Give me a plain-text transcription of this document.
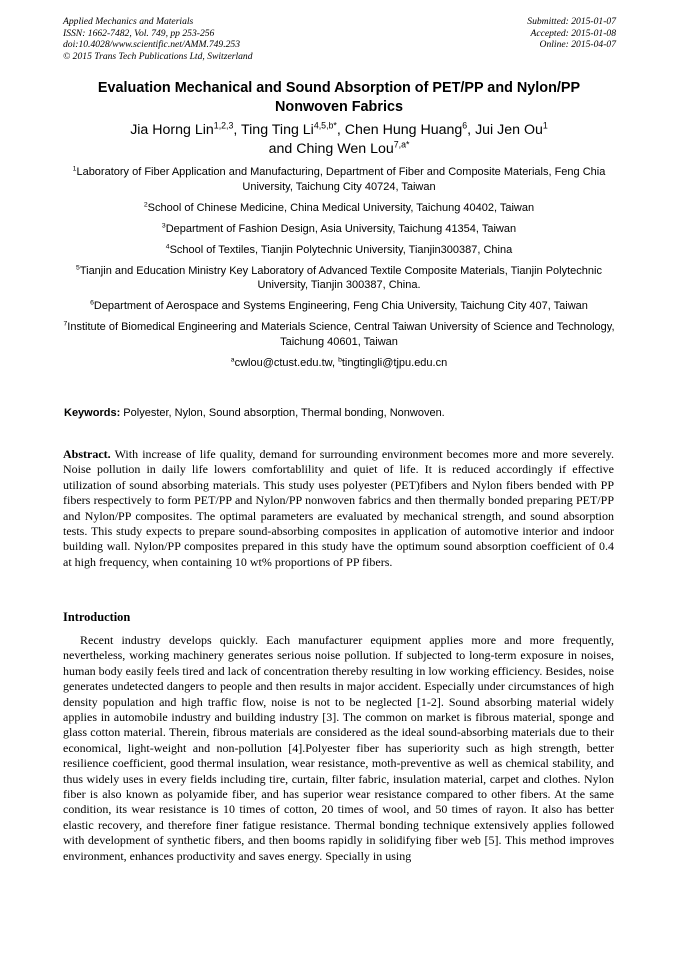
Applied Mechanics and Materials
ISSN: 1662-7482, Vol. 749, pp 253-256
doi:10.4028/www.scientific.net/AMM.749.253
© 2015 Trans Tech Publications Ltd, Switzerland
Submitted: 2015-01-07
Accepted: 2015-01-08
Online: 2015-04-07
Evaluation Mechanical and Sound Absorption of PET/PP and Nylon/PP
Nonwoven Fabrics
Jia Horng Lin$^{1,2,3}$, Ting Ting $Li^{4,5,b*}$, Chen Hung Huang$^6$, Jui Jen Ou$^1$
and Ching Wen Lou$^{7,a*}$
$^1$Laboratory of Fiber Application and Manufacturing, Department of Fiber and Composite Materials, Feng Chia University, Taichung City 40724, Taiwan
$^2$School of Chinese Medicine, China Medical University, Taichung 40402, Taiwan
$^3$Department of Fashion Design, Asia University, Taichung 41354, Taiwan
$^4$School of Textiles, Tianjin Polytechnic University, Tianjin300387, China
$^5$Tianjin and Education Ministry Key Laboratory of Advanced Textile Composite Materials, Tianjin Polytechnic University, Tianjin 300387, China.
$^6$Department of Aerospace and Systems Engineering, Feng Chia University, Taichung City 407, Taiwan
$^7$Institute of Biomedical Engineering and Materials Science, Central Taiwan University of Science and Technology, Taichung 40601, Taiwan
$^a$cwlou@ctust.edu.tw, $^b$tingtingli@tjpu.edu.cn
Keywords: Polyester, Nylon, Sound absorption, Thermal bonding, Nonwoven.
Abstract. With increase of life quality, demand for surrounding environment becomes more and more severely. Noise pollution in daily life lowers comfortablility and quiet of life. It is reduced accordingly if effective utilization of sound absorbing materials. This study uses polyester (PET)fibers and Nylon fibers bended with PP fibers respectively to form PET/PP and Nylon/PP nonwoven fabrics and then thermally bonded preparing PET/PP and Nylon/PP composites. The optimal parameters are evaluated by mechanical strength, and sound absorption tests. This study expects to prepare sound-absorbing composites in application of automotive interior and indoor building wall. Nylon/PP composites prepared in this study have the optimum sound absorption coefficient of 0.4 at high frequency, when containing 10 wt% proportions of PP fibers.
Introduction
Recent industry develops quickly. Each manufacturer equipment applies more and more frequently, nevertheless, working machinery generates serious noise pollution. If subjected to long-term exposure in noises, human body easily feels tired and lack of concentration thereby resulting in low working efficiency. Besides, noise generates undetected dangers to people and then results in major accident. Especially under circumstances of high density population and high traffic flow, noise is not to be neglected [1-2]. Sound absorbing material widely applies in automobile industry and building industry [3]. The common on market is fibrous material, sponge and glass cotton material. Therein, fibrous materials are considered as the ideal sound-absorbing materials due to their economical, light-weight and non-pollution [4].Polyester fiber has superiority such as high strength, better resilience coefficient, good thermal insulation, wear resistance, moth-preventive as well as chemical stability, and thus widely uses in every fields including tire, curtain, filter fabric, insulation material, carpet and clothes. Nylon fiber is also known as polyamide fiber, and has superior wear resistance compared to other fibers. At the same condition, its wear resistance is 10 times of cotton, 20 times of wool, and 50 times of rayon. It also has better elastic recovery, and therefore finer fatigue resistance. Thermal bonding technique extensively applies followed with development of synthetic fibers, and then booms rapidly in solidifying fiber web [5]. This method improves environment, enhances productivity and saves energy. Specially in using
